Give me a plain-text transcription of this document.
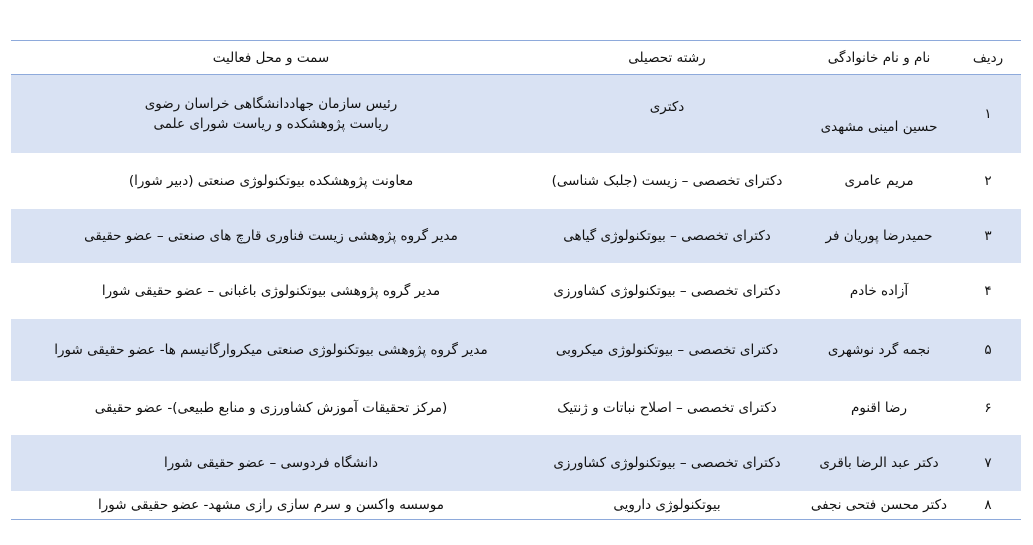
ردیف
نام و نام خانوادگی
رشته تحصیلی
سمت و محل فعالیت
۱
حسین امینی مشهدی
دکتری
رئیس سازمان جهاددانشگاهی خراسان رضوی
ریاست پژوهشکده و ریاست شورای علمی
۲
مریم عامری
دکترای تخصصی – زیست (جلبک شناسی)
معاونت پژوهشکده بیوتکنولوژی صنعتی (دبیر شورا)
۳
حمیدرضا پوریان فر
دکترای تخصصی – بیوتکنولوژی گیاهی
مدیر گروه پژوهشی زیست فناوری قارچ های صنعتی – عضو حقیقی
۴
آزاده خادم
دکترای تخصصی – بیوتکنولوژی کشاورزی
مدیر گروه پژوهشی بیوتکنولوژی باغبانی – عضو حقیقی شورا
۵
نجمه گرد نوشهری
دکترای تخصصی – بیوتکنولوژی میکروبی
مدیر گروه پژوهشی بیوتکنولوژی صنعتی میکروارگانیسم ها- عضو حقیقی شورا
۶
رضا اقنوم
دکترای تخصصی – اصلاح نباتات و ژنتیک
(مرکز تحقیقات آموزش کشاورزی و منابع طبیعی)- عضو حقیقی
۷
دکتر عبد الرضا باقری
دکترای تخصصی – بیوتکنولوژی کشاورزی
دانشگاه فردوسی – عضو حقیقی شورا
۸
دکتر محسن فتحی نجفی
بیوتکنولوژی دارویی
موسسه واکسن و سرم سازی رازی مشهد- عضو حقیقی شورا
